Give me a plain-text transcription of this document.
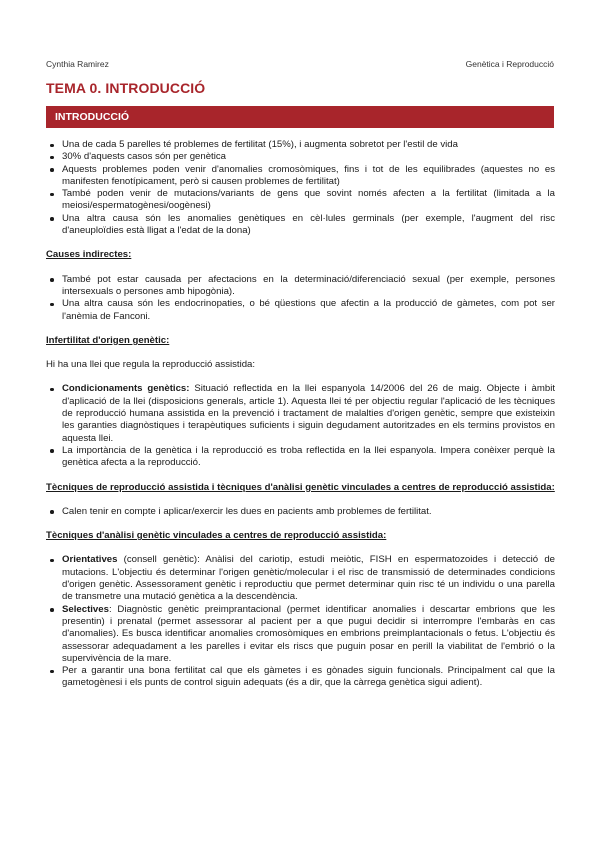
Cynthia Ramirez	Genètica i Reproducció
TEMA 0. INTRODUCCIÓ
INTRODUCCIÓ
Una de cada 5 parelles té problemes de fertilitat (15%), i augmenta sobretot per l'estil de vida
30% d'aquests casos són per genètica
Aquests problemes poden venir d'anomalies cromosòmiques, fins i tot de les equilibrades (aquestes no es manifesten fenotípicament, però si causen problemes de fertilitat)
També poden venir de mutacions/variants de gens que sovint només afecten a la fertilitat (limitada a la meiosi/espermatogènesi/oogènesi)
Una altra causa són les anomalies genètiques en cèl·lules germinals (per exemple, l'augment del risc d'aneuploïdies està lligat a l'edat de la dona)

Causes indirectes:

També pot estar causada per afectacions en la determinació/diferenciació sexual (per exemple, persones intersexuals o persones amb hipogònia).
Una altra causa són les endocrinopaties, o bé qüestions que afectin a la producció de gàmetes, com pot ser l'anèmia de Fanconi.

Infertilitat d'origen genètic:

Hi ha una llei que regula la reproducció assistida:

Condicionaments genètics: Situació reflectida en la llei espanyola 14/2006 del 26 de maig. Objecte i àmbit d'aplicació de la llei (disposicions generals, article 1). Aquesta llei té per objectiu regular l'aplicació de les tècniques de reproducció humana assistida en la prevenció i tractament de malalties d'origen genètic, sempre que existeixin les garanties diagnòstiques i terapèutiques suficients i siguin degudament autoritzades en els termins provistos en aquesta llei.
La importància de la genètica i la reproducció es troba reflectida en la llei espanyola. Impera conèixer perquè la genètica afecta a la reproducció.

Tècniques de reproducció assistida i tècniques d'anàlisi genètic vinculades a centres de reproducció assistida:

Calen tenir en compte i aplicar/exercir les dues en pacients amb problemes de fertilitat.

Tècniques d'anàlisi genètic vinculades a centres de reproducció assistida:

Orientatives (consell genètic): Anàlisi del cariotip, estudi meiòtic, FISH en espermatozoides i detecció de mutacions. L'objectiu és determinar l'origen genètic/molecular i el risc de transmissió de determinades condicions d'origen genètic. Assessorament genètic i reproductiu que permet determinar quin risc té un individu o una parella de transmetre una mutació genètica a la descendència.
Selectives: Diagnòstic genètic preimprantacional (permet identificar anomalies i descartar embrions que les presentin) i prenatal (permet assessorar al pacient per a que pugui decidir si interrompre l'embaràs en cas d'anomalies). Es busca identificar anomalies cromosòmiques en embrions preimplantacionals o fetus. L'objectiu és assessorar adequadament a les parelles i evitar els riscs que puguin posar en perill la viabilitat de l'embrió o la supervivència de la mare.
Per a garantir una bona fertilitat cal que els gàmetes i es gònades siguin funcionals. Principalment cal que la gametogènesi i els punts de control siguin adequats (és a dir, que la càrrega genètica sigui adient).
